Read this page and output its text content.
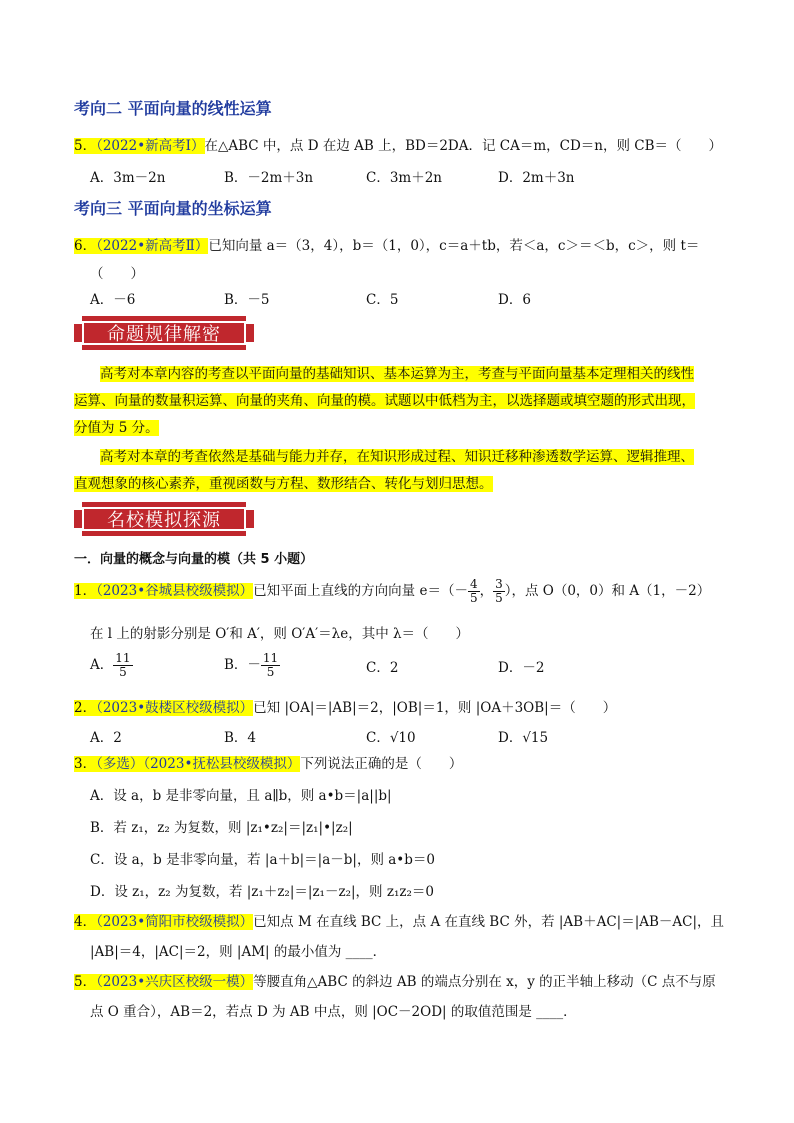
考向二 平面向量的线性运算
5．（2022•新高考Ⅰ）在△ABC 中，点 D 在边 AB 上，BD＝2DA．记 CA＝m，CD＝n，则 CB＝（　　）
A．3m－2n	B．－2m＋3n	C．3m＋2n	D．2m＋3n
考向三 平面向量的坐标运算
6．（2022•新高考Ⅱ）已知向量 a＝（3，4），b＝（1，0），c＝a＋tb，若＜a，c＞＝＜b，c＞，则 t＝
（　　）
A．－6	B．－5	C．5	D．6
命题规律解密
高考对本章内容的考查以平面向量的基础知识、基本运算为主，考查与平面向量基本定理相关的线性
运算、向量的数量积运算、向量的夹角、向量的模。试题以中低档为主，以选择题或填空题的形式出现，
分值为 5 分。
高考对本章的考查依然是基础与能力并存，在知识形成过程、知识迁移种渗透数学运算、逻辑推理、
直观想象的核心素养，重视函数与方程、数形结合、转化与划归思想。
名校模拟探源
一．向量的概念与向量的模（共 5 小题）
1．（2023•谷城县校级模拟）已知平面上直线的方向向量 $e=(- \frac{4}{5}$ ， $\frac{3}{5}$ ），点 O（0，0）和 A（1，－2）
在 l 上的射影分别是 O′和 A′，则 O′A′＝λe，其中 λ＝（　　）
A． $\frac{11}{5}$	B．－ $\frac{11}{5}$	C．2	D．－2
2．（2023•鼓楼区校级模拟）已知 |OA|＝|AB|＝2，|OB|＝1，则 |OA＋3OB|＝（　　）
A．2	B．4	C．√10	D．√15
3．（多选）（2023•抚松县校级模拟）下列说法正确的是（　　）
A．设 a，b 是非零向量，且 a∥b，则 a•b＝|a||b|
B．若 z₁，z₂ 为复数，则 |z₁•z₂|＝|z₁|•|z₂|
C．设 a，b 是非零向量，若 |a＋b|＝|a－b|，则 a•b＝0
D．设 z₁，z₂ 为复数，若 |z₁＋z₂|＝|z₁－z₂|，则 z₁z₂＝0
4．（2023•简阳市校级模拟）已知点 M 在直线 BC 上，点 A 在直线 BC 外，若 |AB＋AC|＝|AB－AC|，且
|AB|＝4，|AC|＝2，则 |AM| 的最小值为 ____．
5．（2023•兴庆区校级一模）等腰直角△ABC 的斜边 AB 的端点分别在 x，y 的正半轴上移动（C 点不与原
点 O 重合），AB＝2，若点 D 为 AB 中点，则 |OC－2OD| 的取值范围是 ____．
